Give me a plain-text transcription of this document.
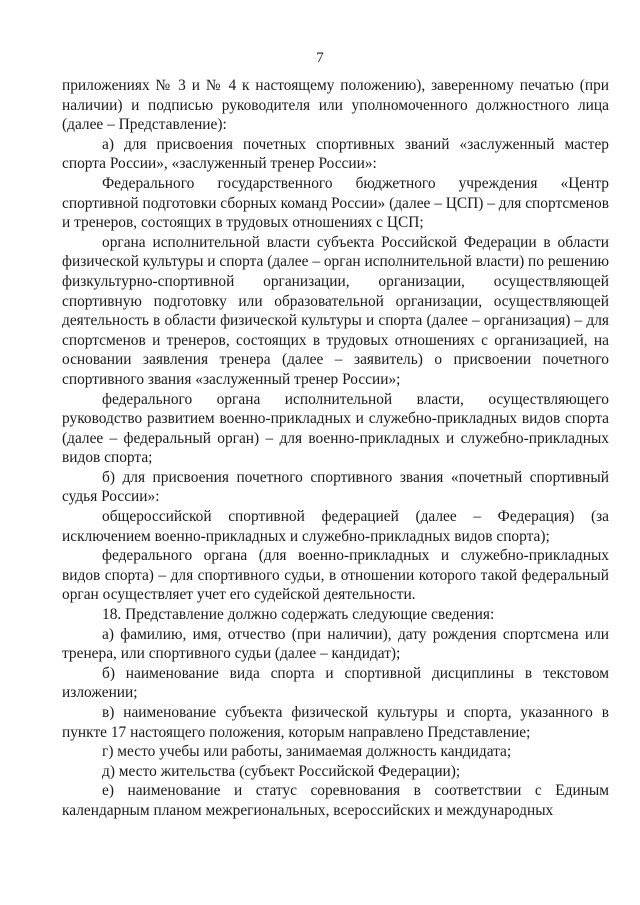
7

приложениях № 3 и № 4 к настоящему положению), заверенному печатью (при наличии) и подписью руководителя или уполномоченного должностного лица (далее – Представление):

а) для присвоения почетных спортивных званий «заслуженный мастер спорта России», «заслуженный тренер России»:

Федерального государственного бюджетного учреждения «Центр спортивной подготовки сборных команд России» (далее – ЦСП) – для спортсменов и тренеров, состоящих в трудовых отношениях с ЦСП;

органа исполнительной власти субъекта Российской Федерации в области физической культуры и спорта (далее – орган исполнительной власти) по решению физкультурно-спортивной организации, организации, осуществляющей спортивную подготовку или образовательной организации, осуществляющей деятельность в области физической культуры и спорта (далее – организация) – для спортсменов и тренеров, состоящих в трудовых отношениях с организацией, на основании заявления тренера (далее – заявитель) о присвоении почетного спортивного звания «заслуженный тренер России»;

федерального органа исполнительной власти, осуществляющего руководство развитием военно-прикладных и служебно-прикладных видов спорта (далее – федеральный орган) – для военно-прикладных и служебно-прикладных видов спорта;

б) для присвоения почетного спортивного звания «почетный спортивный судья России»:

общероссийской спортивной федерацией (далее – Федерация) (за исключением военно-прикладных и служебно-прикладных видов спорта);

федерального органа (для военно-прикладных и служебно-прикладных видов спорта) – для спортивного судьи, в отношении которого такой федеральный орган осуществляет учет его судейской деятельности.

18. Представление должно содержать следующие сведения:

а) фамилию, имя, отчество (при наличии), дату рождения спортсмена или тренера, или спортивного судьи (далее – кандидат);

б) наименование вида спорта и спортивной дисциплины в текстовом изложении;

в) наименование субъекта физической культуры и спорта, указанного в пункте 17 настоящего положения, которым направлено Представление;

г) место учебы или работы, занимаемая должность кандидата;

д) место жительства (субъект Российской Федерации);

е) наименование и статус соревнования в соответствии с Единым календарным планом межрегиональных, всероссийских и международных
